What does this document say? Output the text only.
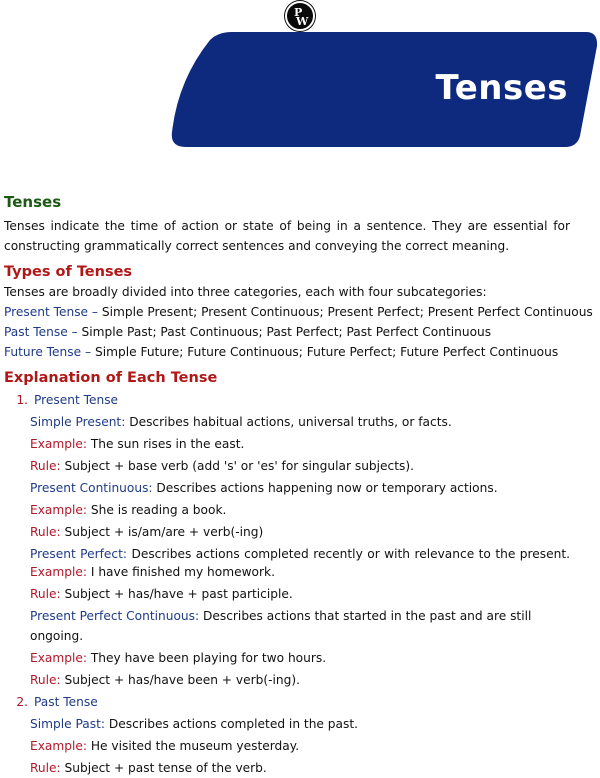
Tenses
P
W
Tenses
Tenses indicate the time of action or state of being in a sentence. They are essential for constructing grammatically correct sentences and conveying the correct meaning.
Types of Tenses
Tenses are broadly divided into three categories, each with four subcategories:
Present Tense – Simple Present; Present Continuous; Present Perfect; Present Perfect Continuous
Past Tense – Simple Past; Past Continuous; Past Perfect; Past Perfect Continuous
Future Tense – Simple Future; Future Continuous; Future Perfect; Future Perfect Continuous
Explanation of Each Tense
1. Present Tense
Simple Present: Describes habitual actions, universal truths, or facts.
Example: The sun rises in the east.
Rule: Subject + base verb (add 's' or 'es' for singular subjects).
Present Continuous: Describes actions happening now or temporary actions.
Example: She is reading a book.
Rule: Subject + is/am/are + verb(-ing)
Present Perfect: Describes actions completed recently or with relevance to the present.
Example: I have finished my homework.
Rule: Subject + has/have + past participle.
Present Perfect Continuous: Describes actions that started in the past and are still ongoing.
Example: They have been playing for two hours.
Rule: Subject + has/have been + verb(-ing).
2. Past Tense
Simple Past: Describes actions completed in the past.
Example: He visited the museum yesterday.
Rule: Subject + past tense of the verb.
